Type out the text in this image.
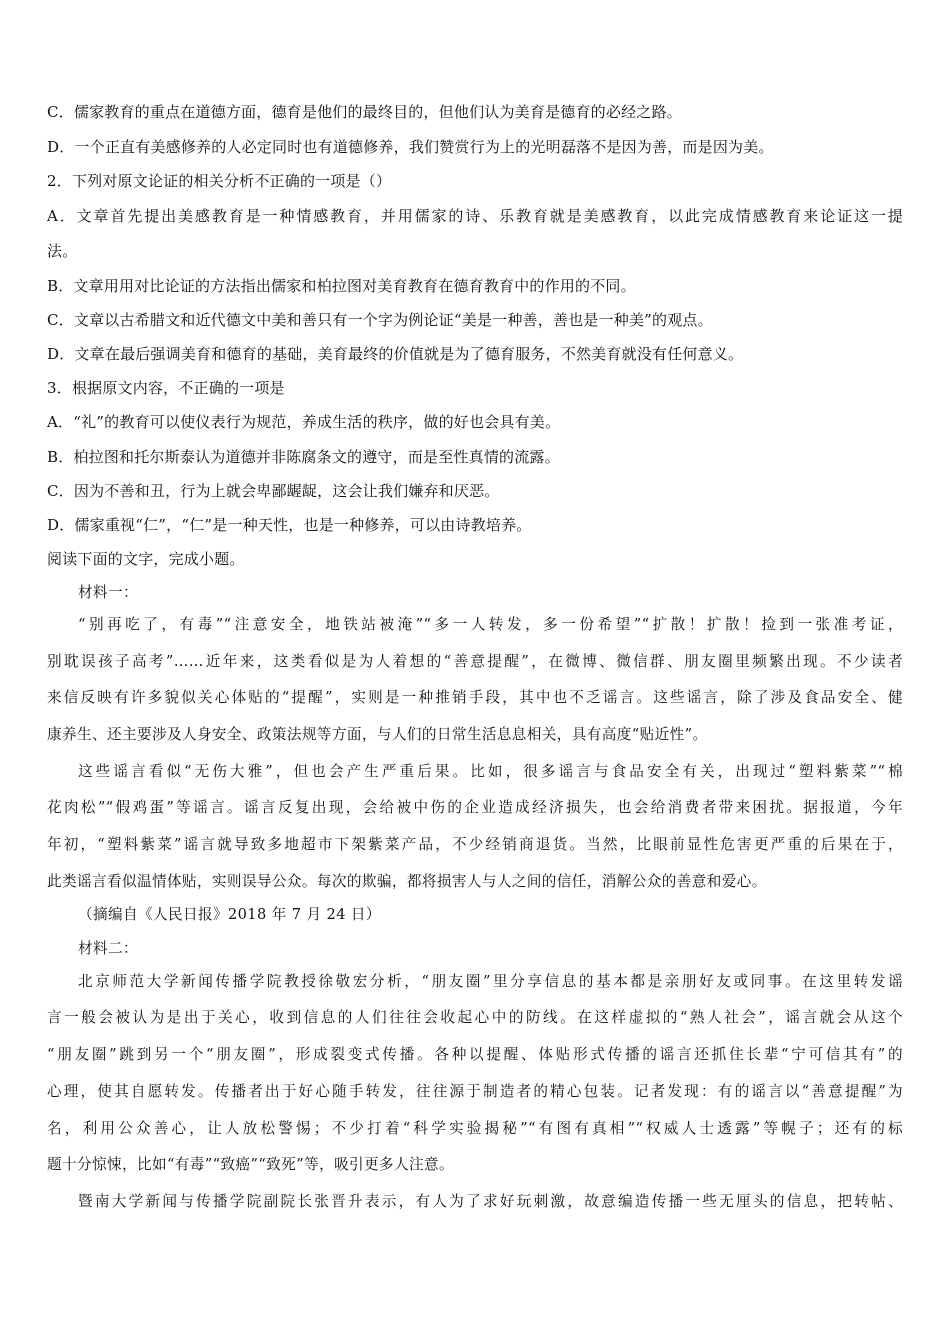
C．儒家教育的重点在道德方面，德育是他们的最终目的，但他们认为美育是德育的必经之路。
D．一个正直有美感修养的人必定同时也有道德修养，我们赞赏行为上的光明磊落不是因为善，而是因为美。
2．下列对原文论证的相关分析不正确的一项是（）
A．文章首先提出美感教育是一种情感教育，并用儒家的诗、乐教育就是美感教育，以此完成情感教育来论证这一提
法。
B．文章用用对比论证的方法指出儒家和柏拉图对美育教育在德育教育中的作用的不同。
C．文章以古希腊文和近代德文中美和善只有一个字为例论证“美是一种善，善也是一种美”的观点。
D．文章在最后强调美育和德育的基础，美育最终的价值就是为了德育服务，不然美育就没有任何意义。
3．根据原文内容，不正确的一项是
A．“礼”的教育可以使仪表行为规范，养成生活的秩序，做的好也会具有美。
B．柏拉图和托尔斯泰认为道德并非陈腐条文的遵守，而是至性真情的流露。
C．因为不善和丑，行为上就会卑鄙龌龊，这会让我们嫌弃和厌恶。
D．儒家重视“仁”，“仁”是一种天性，也是一种修养，可以由诗教培养。
阅读下面的文字，完成小题。
材料一：
“别再吃了，有毒”“注意安全，地铁站被淹”“多一人转发，多一份希望”“扩散！扩散！捡到一张准考证，
别耽误孩子高考”……近年来，这类看似是为人着想的“善意提醒”，在微博、微信群、朋友圈里频繁出现。不少读者
来信反映有许多貌似关心体贴的“提醒”，实则是一种推销手段，其中也不乏谣言。这些谣言，除了涉及食品安全、健
康养生、还主要涉及人身安全、政策法规等方面，与人们的日常生活息息相关，具有高度“贴近性”。
这些谣言看似“无伤大雅”，但也会产生严重后果。比如，很多谣言与食品安全有关，出现过“塑料紫菜”“棉
花肉松”“假鸡蛋”等谣言。谣言反复出现，会给被中伤的企业造成经济损失，也会给消费者带来困扰。据报道，今年
年初，“塑料紫菜”谣言就导致多地超市下架紫菜产品，不少经销商退货。当然，比眼前显性危害更严重的后果在于，
此类谣言看似温情体贴，实则误导公众。每次的欺骗，都将损害人与人之间的信任，消解公众的善意和爱心。
（摘编自《人民日报》2018 年 7 月 24 日）
材料二：
北京师范大学新闻传播学院教授徐敬宏分析，“朋友圈”里分享信息的基本都是亲朋好友或同事。在这里转发谣
言一般会被认为是出于关心，收到信息的人们往往会收起心中的防线。在这样虚拟的“熟人社会”，谣言就会从这个
“朋友圈”跳到另一个“朋友圈”，形成裂变式传播。各种以提醒、体贴形式传播的谣言还抓住长辈“宁可信其有”的
心理，使其自愿转发。传播者出于好心随手转发，往往源于制造者的精心包装。记者发现：有的谣言以“善意提醒”为
名，利用公众善心，让人放松警惕；不少打着“科学实验揭秘”“有图有真相”“权威人士透露”等幌子；还有的标
题十分惊悚，比如“有毒”“致癌”“致死”等，吸引更多人注意。
暨南大学新闻与传播学院副院长张晋升表示，有人为了求好玩刺激，故意编造传播一些无厘头的信息，把转帖、
